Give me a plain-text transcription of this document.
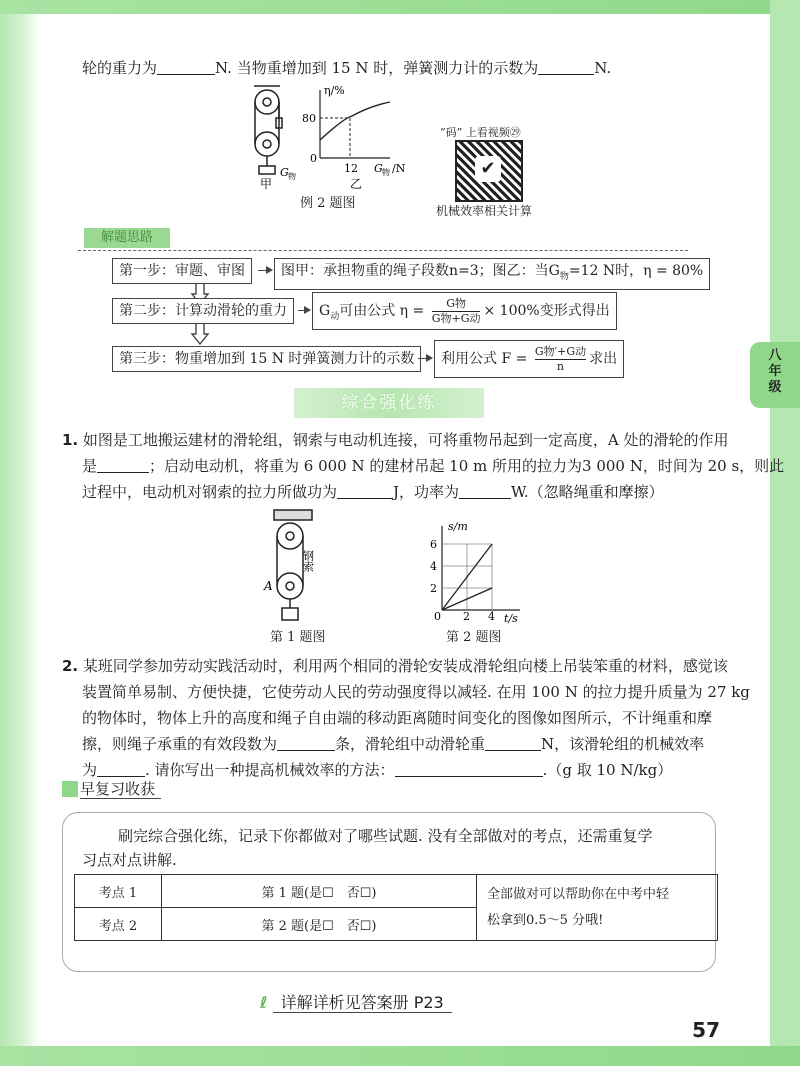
轮的重力为	N. 当物重增加到 15 N 时，弹簧测力计的示数为	N.
甲
G 物
η/%
80
12
0
G 物 /N
乙
例 2 题图
“码” 上看视频㉙
✔
机械效率相关计算
解题思路
第一步：审题、审图	图甲：承担物重的绳子段数n=3；图乙：当$G_物=12$ N时，η = 80%
第二步：计算动滑轮的重力	$G_动$可由公式 η =	G物
G物+G动 × 100%变形式得出
第三步：物重增加到 15 N 时弹簧测力计的示数	利用公式 F = G物′+G动
n	求出
综合强化练
八
年
级
1. 如图是工地搬运建材的滑轮组，钢索与电动机连接，可将重物吊起到一定高度，A 处的滑轮的作用
是	；启动电动机，将重为 6 000 N 的建材吊起 10 m 所用的拉力为3 000 N，时间为 20 s，则此
过程中，电动机对钢索的拉力所做功为	J，功率为	W.（忽略绳重和摩擦）
钢索
A
第 1 题图
s/m
6
4
2
0 2 4 t/s
第 2 题图
2. 某班同学参加劳动实践活动时，利用两个相同的滑轮安装成滑轮组向楼上吊装笨重的材料，感觉该
装置简单易制、方便快捷，它使劳动人民的劳动强度得以减轻. 在用 100 N 的拉力提升质量为 27 kg
的物体时，物体上升的高度和绳子自由端的移动距离随时间变化的图像如图所示，不计绳重和摩
擦，则绳子承重的有效段数为	条，滑轮组中动滑轮重	N，该滑轮组的机械效率
为	. 请你写出一种提高机械效率的方法：	.（g 取 10 N/kg）
早复习收获
刷完综合强化练，记录下你都做对了哪些试题. 没有全部做对的考点，还需重复学
习点对点讲解.
考点 1	第 1 题(是☐　否☐)	全部做对可以帮助你在中考中轻
松拿到0.5～5 分哦!

考点 2	第 2 题(是☐　否☐)	
ℓ 详解详析见答案册 P23
57
